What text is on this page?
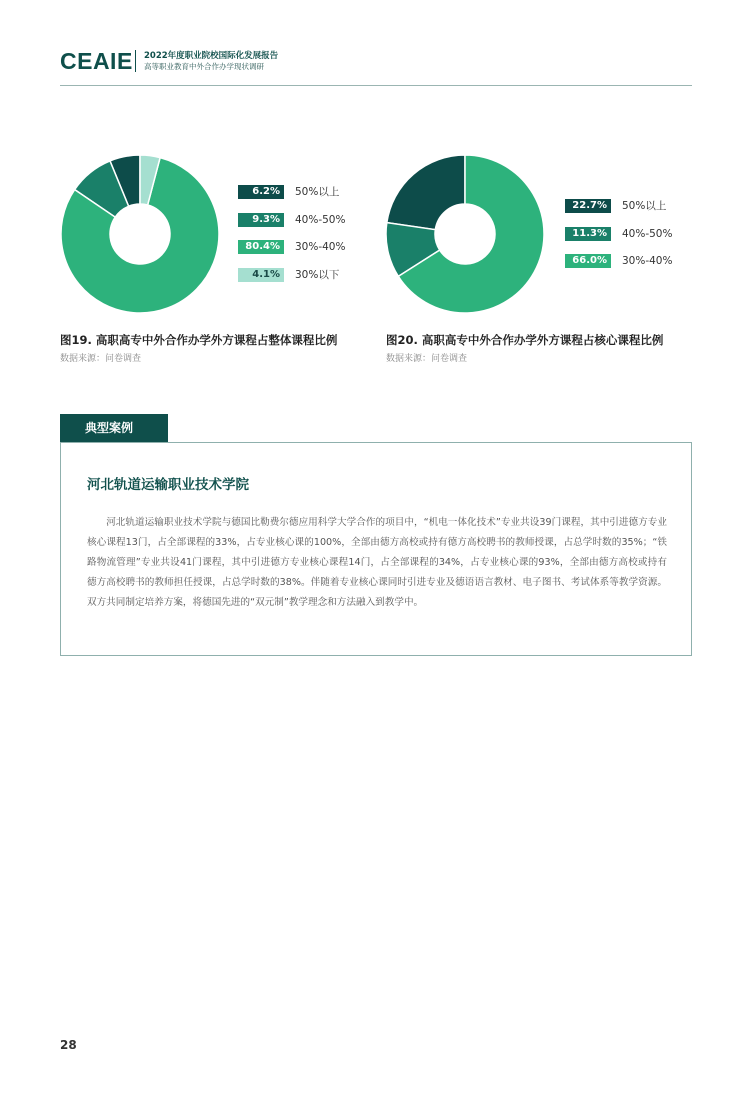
CEAIE 2022年度职业院校国际化发展报告
高等职业教育中外合作办学现状调研
6.2%	50%以上
9.3%	40%-50%
80.4%	30%-40%
4.1%	30%以下
图19. 高职高专中外合作办学外方课程占整体课程比例
数据来源：问卷调查
22.7%	50%以上
11.3%	40%-50%
66.0%	30%-40%
图20. 高职高专中外合作办学外方课程占核心课程比例
数据来源：问卷调查
典型案例
河北轨道运输职业技术学院
河北轨道运输职业技术学院与德国比勒费尔德应用科学大学合作的项目中，“机电一体化技术”专业共设39门课程，其中引进德方专业核心课程13门，占全部课程的33%，占专业核心课的100%，全部由德方高校或持有德方高校聘书的教师授课，占总学时数的35%；“铁路物流管理”专业共设41门课程，其中引进德方专业核心课程14门，占全部课程的34%，占专业核心课的93%，全部由德方高校或持有德方高校聘书的教师担任授课，占总学时数的38%。伴随着专业核心课同时引进专业及德语语言教材、电子图书、考试体系等教学资源。双方共同制定培养方案，将德国先进的“双元制”教学理念和方法融入到教学中。
28
